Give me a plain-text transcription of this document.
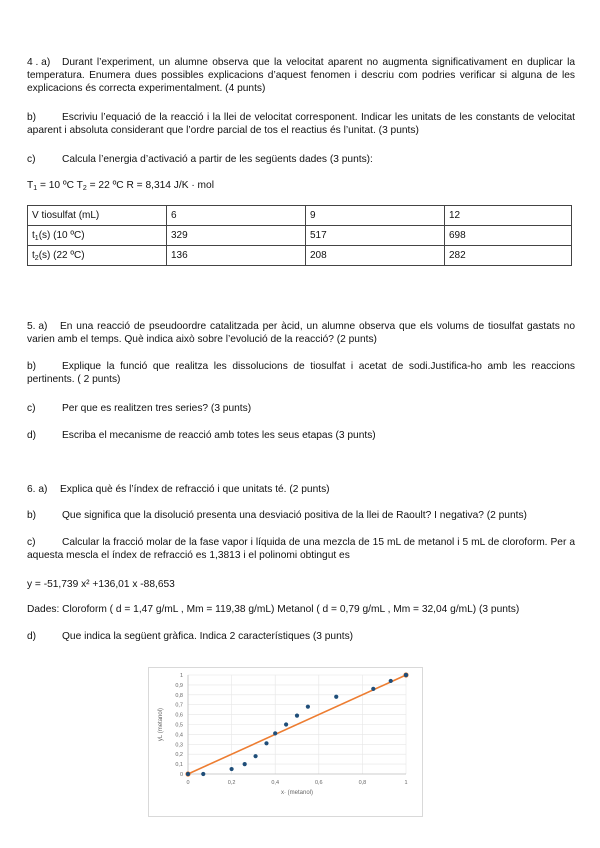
4 . a) Durant l’experiment, un alumne observa que la velocitat aparent no augmenta significativament en duplicar la temperatura. Enumera dues possibles explicacions d’aquest fenomen i descriu com podries verificar si alguna de les explicacions és correcta experimentalment. (4 punts)

b)	Escriviu l’equació de la reacció i la llei de velocitat corresponent. Indicar les unitats de les constants de velocitat aparent i absoluta considerant que l’ordre parcial de tos el reactius és l’unitat. (3 punts)

c)	Calcula l’energia d’activació a partir de les següents dades (3 punts):

$T_1 = 10$ ºC $T_2 = 22$ ºC R = 8,314 J/K · mol

V tiosulfat (mL)	6	9	12
$t_1(s)$ (10 ºC)	329	517	698
$t_2(s)$ (22 ºC)	136	208	282

5. a) En una reacció de pseudoordre catalitzada per àcid, un alumne observa que els volums de tiosulfat gastats no varien amb el temps. Què indica això sobre l’evolució de la reacció? (2 punts)

b)	Explique la funció que realitza les dissolucions de tiosulfat i acetat de sodi.Justifica-ho amb les reaccions pertinents. ( 2 punts)

c)	Per que es realitzen tres series? (3 punts)

d)	Escriba el mecanisme de reacció amb totes les seus etapas (3 punts)

6. a) Explica què és l’índex de refracció i que unitats té. (2 punts)

b)	Que significa que la disolució presenta una desviació positiva de la llei de Raoult? I negativa? (2 punts)

c)	Calcular la fracció molar de la fase vapor i líquida de una mezcla de 15 mL de metanol i 5 mL de cloroform. Per a aquesta mescla el índex de refracció es 1,3813 i el polinomi obtingut es

y = -51,739 x² +136,01 x -88,653

Dades: Cloroform ( d = 1,47 g/mL , Mm = 119,38 g/mL) Metanol ( d = 0,79 g/mL , Mm = 32,04 g/mL) (3 punts)

d)	Que indica la següent gràfica. Indica 2 característiques (3 punts)

0
0,1
0,2
0,3
0,4
0,5
0,6
0,7
0,8
0,9
1
0	0,2	0,4	0,6	0,8	1
x· (metanol)
yL (metanol)
